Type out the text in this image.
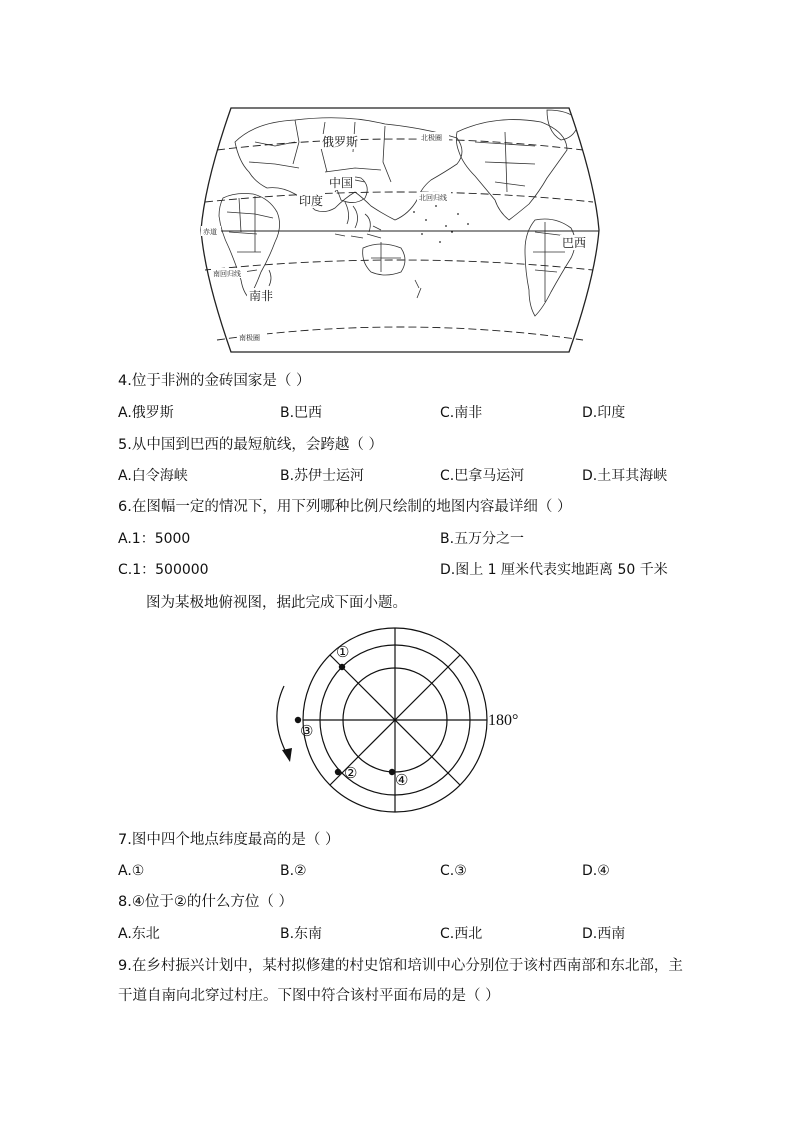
北极圈
北回归线
赤道
南回归线
南极圈
俄罗斯
中国
印度
巴西
南非
4.位于非洲的金砖国家是（ ）
A.俄罗斯	B.巴西	C.南非	D.印度
5.从中国到巴西的最短航线，会跨越（ ）
A.白令海峡	B.苏伊士运河	C.巴拿马运河	D.土耳其海峡
6.在图幅一定的情况下，用下列哪种比例尺绘制的地图内容最详细（ ）
A.1：5000	B.五万分之一
C.1：500000	D.图上 1 厘米代表实地距离 50 千米
图为某极地俯视图，据此完成下面小题。
①
②
③
④
180°
7.图中四个地点纬度最高的是（ ）
A.①	B.②	C.③	D.④
8.④位于②的什么方位（ ）
A.东北	B.东南	C.西北	D.西南
9.在乡村振兴计划中，某村拟修建的村史馆和培训中心分别位于该村西南部和东北部，主
干道自南向北穿过村庄。下图中符合该村平面布局的是（ ）
